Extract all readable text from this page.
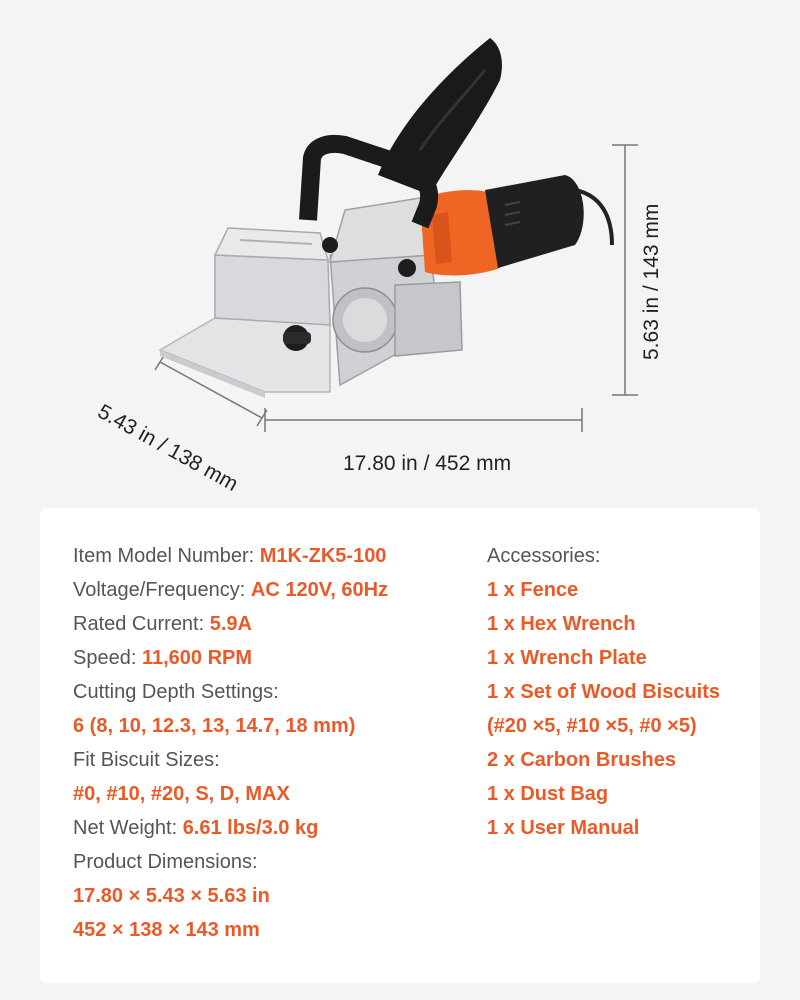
17.80 in / 452 mm
5.43 in / 138 mm
5.63 in / 143 mm
Item Model Number: M1K-ZK5-100
Voltage/Frequency: AC 120V, 60Hz
Rated Current: 5.9A
Speed: 11,600 RPM
Cutting Depth Settings:
6 (8, 10, 12.3, 13, 14.7, 18 mm)
Fit Biscuit Sizes:
#0, #10, #20, S, D, MAX
Net Weight: 6.61 lbs/3.0 kg
Product Dimensions:
17.80 × 5.43 × 5.63 in
452 × 138 × 143 mm
Accessories:
1 x Fence
1 x Hex Wrench
1 x Wrench Plate
1 x Set of Wood Biscuits
(#20 ×5, #10 ×5, #0 ×5)
2 x Carbon Brushes
1 x Dust Bag
1 x User Manual
